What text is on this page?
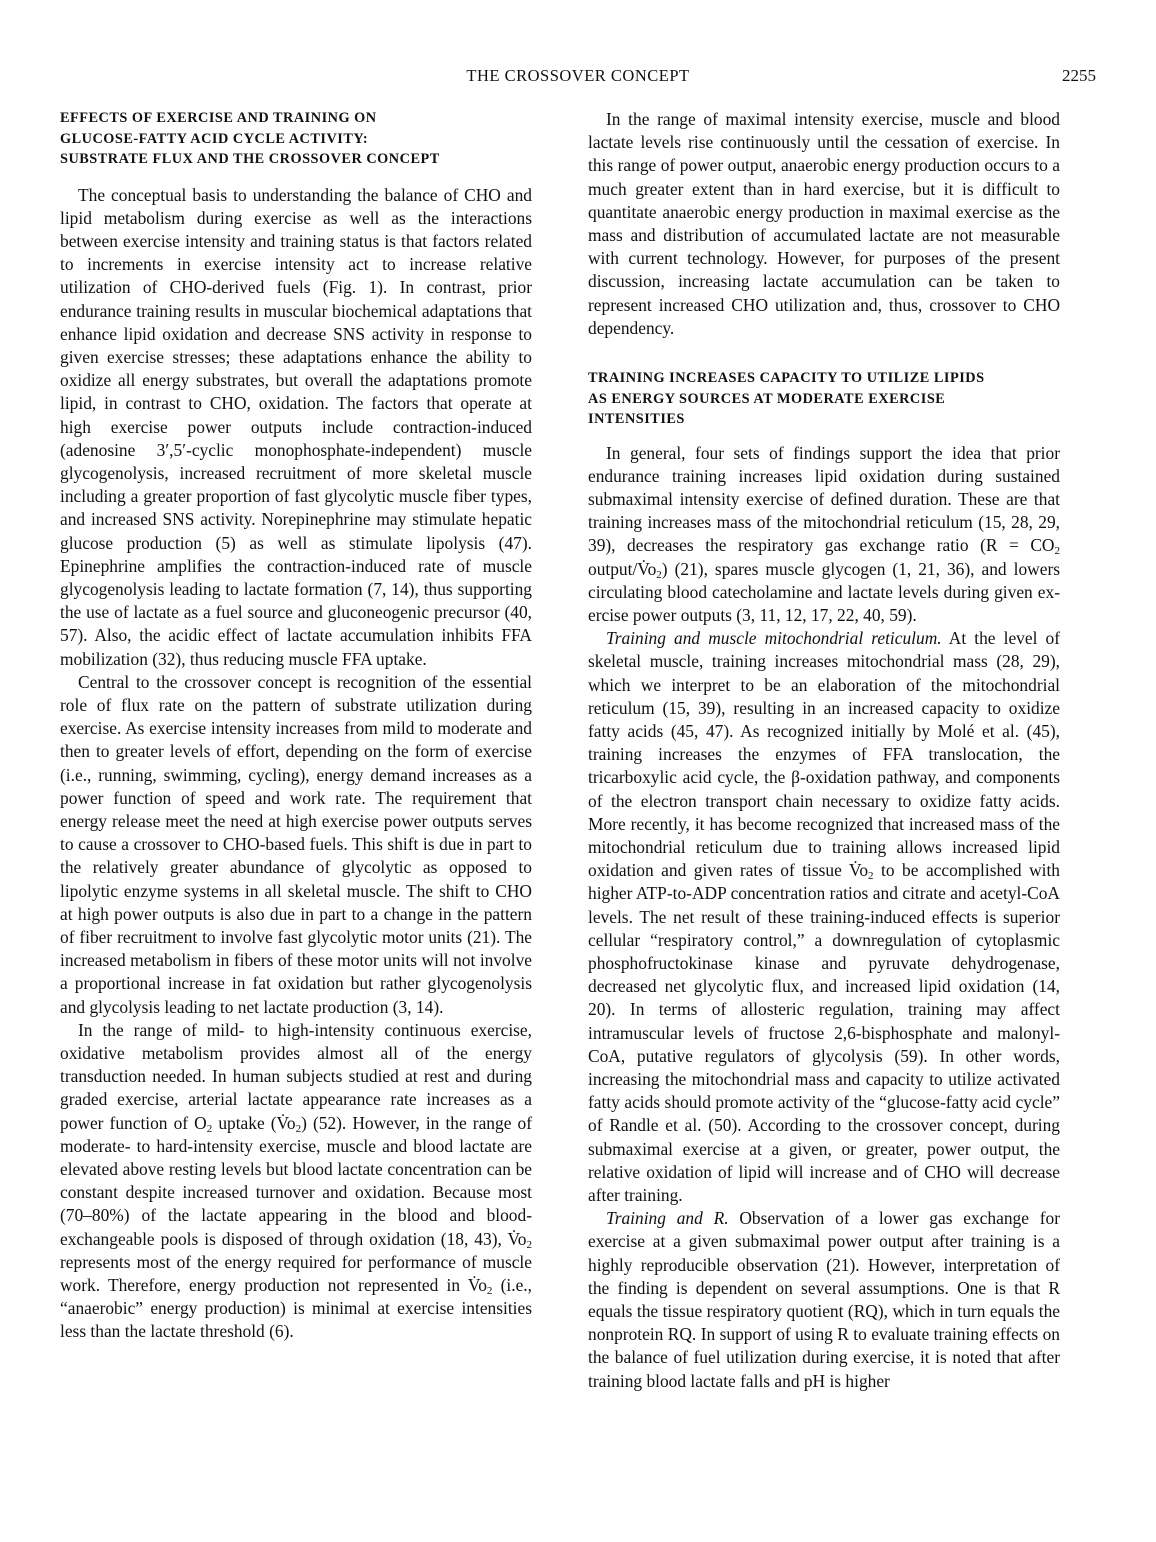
THE CROSSOVER CONCEPT	2255
EFFECTS OF EXERCISE AND TRAINING ON
GLUCOSE-FATTY ACID CYCLE ACTIVITY:
SUBSTRATE FLUX AND THE CROSSOVER CONCEPT

The conceptual basis to understanding the balance of CHO and lipid metabolism during exercise as well as the interactions between exercise intensity and training status is that factors related to increments in exercise intensity act to increase relative utilization of CHO-derived fuels (Fig. 1). In contrast, prior endurance training results in muscular biochemical adaptations that enhance lipid oxidation and decrease SNS activity in response to given exercise stresses; these adaptations enhance the ability to oxidize all energy substrates, but overall the adaptations promote lipid, in contrast to CHO, oxidation. The factors that operate at high exercise power outputs include contraction-induced (adenosine 3′,5′-cyclic monophosphate-independent) muscle glycogenolysis, increased recruitment of more skeletal muscle including a greater proportion of fast glycolytic muscle fiber types, and increased SNS activity. Norepinephrine may stimulate hepatic glucose production (5) as well as stimulate lipolysis (47). Epinephrine amplifies the contraction-induced rate of muscle glycogenolysis leading to lactate formation (7, 14), thus supporting the use of lactate as a fuel source and gluconeogenic precursor (40, 57). Also, the acidic effect of lactate accumulation inhibits FFA mobilization (32), thus reducing muscle FFA uptake.

Central to the crossover concept is recognition of the essential role of flux rate on the pattern of substrate utilization during exercise. As exercise intensity increases from mild to moderate and then to greater levels of effort, depending on the form of exercise (i.e., running, swimming, cycling), energy demand increases as a power function of speed and work rate. The requirement that energy release meet the need at high exercise power outputs serves to cause a crossover to CHO-based fuels. This shift is due in part to the relatively greater abundance of glycolytic as opposed to lipolytic enzyme systems in all skeletal muscle. The shift to CHO at high power outputs is also due in part to a change in the pattern of fiber recruitment to involve fast glycolytic motor units (21). The increased metabolism in fibers of these motor units will not involve a proportional increase in fat oxidation but rather glycogenolysis and glycolysis leading to net lactate production (3, 14).

In the range of mild- to high-intensity continuous exercise, oxidative metabolism provides almost all of the energy transduction needed. In human subjects studied at rest and during graded exercise, arterial lactate appearance rate increases as a power function of $O_2$ uptake $(V̇o_2)$ (52). However, in the range of moderate- to hard-intensity exercise, muscle and blood lactate are elevated above resting levels but blood lactate concentration can be constant despite increased turnover and oxidation. Because most (70–80%) of the lactate appearing in the blood and blood-exchangeable pools is disposed of through oxidation (18, 43), $V̇o_2$ represents most of the energy required for performance of muscle work. Therefore, energy production not represented in $V̇o_2$ (i.e., “anaerobic” energy production) is minimal at exercise intensities less than the lactate threshold (6).

In the range of maximal intensity exercise, muscle and blood lactate levels rise continuously until the cessation of exercise. In this range of power output, anaerobic energy production occurs to a much greater extent than in hard exercise, but it is difficult to quantitate anaerobic energy production in maximal exercise as the mass and distribution of accumulated lactate are not measurable with current technology. However, for purposes of the present discussion, increasing lactate accumulation can be taken to represent increased CHO utilization and, thus, crossover to CHO dependency.

TRAINING INCREASES CAPACITY TO UTILIZE LIPIDS
AS ENERGY SOURCES AT MODERATE EXERCISE
INTENSITIES

In general, four sets of findings support the idea that prior endurance training increases lipid oxidation during sustained submaximal intensity exercise of defined duration. These are that training increases mass of the mitochondrial reticulum (15, 28, 29, 39), decreases the respiratory gas exchange ratio ($R = CO_2$ output/$V̇o_2$) (21), spares muscle glycogen (1, 21, 36), and lowers circulating blood catecholamine and lactate levels during given exercise power outputs (3, 11, 12, 17, 22, 40, 59).

Training and muscle mitochondrial reticulum. At the level of skeletal muscle, training increases mitochondrial mass (28, 29), which we interpret to be an elaboration of the mitochondrial reticulum (15, 39), resulting in an increased capacity to oxidize fatty acids (45, 47). As recognized initially by Molé et al. (45), training increases the enzymes of FFA translocation, the tricarboxylic acid cycle, the β-oxidation pathway, and components of the electron transport chain necessary to oxidize fatty acids. More recently, it has become recognized that increased mass of the mitochondrial reticulum due to training allows increased lipid oxidation and given rates of tissue $V̇o_2$ to be accomplished with higher ATP-to-ADP concentration ratios and citrate and acetyl-CoA levels. The net result of these training-induced effects is superior cellular “respiratory control,” a downregulation of cytoplasmic phosphofructokinase kinase and pyruvate dehydrogenase, decreased net glycolytic flux, and increased lipid oxidation (14, 20). In terms of allosteric regulation, training may affect intramuscular levels of fructose 2,6-bisphosphate and malonyl-CoA, putative regulators of glycolysis (59). In other words, increasing the mitochondrial mass and capacity to utilize activated fatty acids should promote activity of the “glucose-fatty acid cycle” of Randle et al. (50). According to the crossover concept, during submaximal exercise at a given, or greater, power output, the relative oxidation of lipid will increase and of CHO will decrease after training.

Training and R. Observation of a lower gas exchange for exercise at a given submaximal power output after training is a highly reproducible observation (21). However, interpretation of the finding is dependent on several assumptions. One is that R equals the tissue respiratory quotient (RQ), which in turn equals the nonprotein RQ. In support of using R to evaluate training effects on the balance of fuel utilization during exercise, it is noted that after training blood lactate falls and pH is higher
